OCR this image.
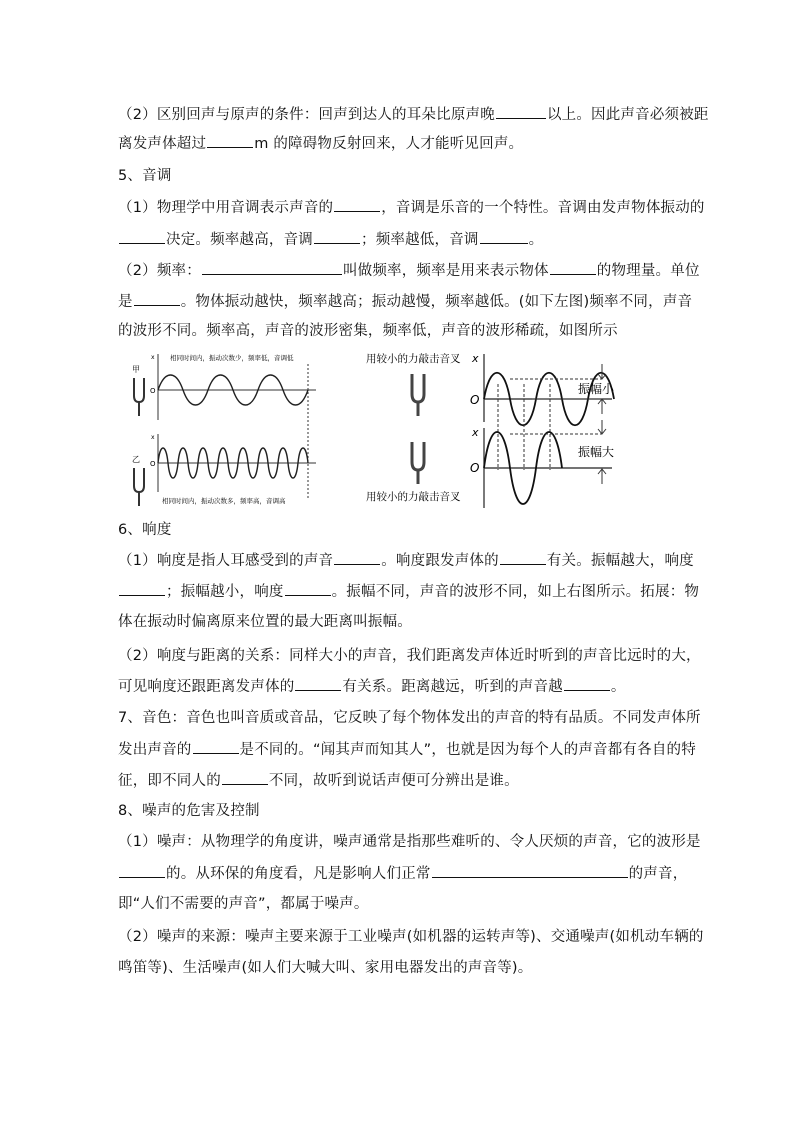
（2）区别回声与原声的条件：回声到达人的耳朵比原声晚	以上。因此声音必须被距
离发声体超过	m 的障碍物反射回来，人才能听见回声。
5、音调
（1）物理学中用音调表示声音的	，音调是乐音的一个特性。音调由发声物体振动的
决定。频率越高，音调	；频率越低，音调	。
（2）频率：	叫做频率，频率是用来表示物体	的物理量。单位
是	。物体振动越快，频率越高；振动越慢，频率越低。(如下左图)频率不同，声音
的波形不同。频率高，声音的波形密集，频率低，声音的波形稀疏，如图所示
甲
O
x 相同时间内，振动次数少，频率低，音调低
乙 O
x
相同时间内，振动次数多，频率高，音调高
用较小的力敲击音叉 x
O
振幅小
x
O
振幅大
用较小的力敲击音叉
6、响度
（1）响度是指人耳感受到的声音	。响度跟发声体的	有关。振幅越大，响度
；振幅越小，响度	。振幅不同，声音的波形不同，如上右图所示。拓展：物
体在振动时偏离原来位置的最大距离叫振幅。
（2）响度与距离的关系：同样大小的声音，我们距离发声体近时听到的声音比远时的大，
可见响度还跟距离发声体的	有关系。距离越远，听到的声音越	。
7、音色：音色也叫音质或音品，它反映了每个物体发出的声音的特有品质。不同发声体所
发出声音的	是不同的。“闻其声而知其人”，也就是因为每个人的声音都有各自的特
征，即不同人的	不同，故听到说话声便可分辨出是谁。
8、噪声的危害及控制
（1）噪声：从物理学的角度讲，噪声通常是指那些难听的、令人厌烦的声音，它的波形是
的。从环保的角度看，凡是影响人们正常	的声音，
即“人们不需要的声音”，都属于噪声。
（2）噪声的来源：噪声主要来源于工业噪声(如机器的运转声等)、交通噪声(如机动车辆的
鸣笛等)、生活噪声(如人们大喊大叫、家用电器发出的声音等)。
